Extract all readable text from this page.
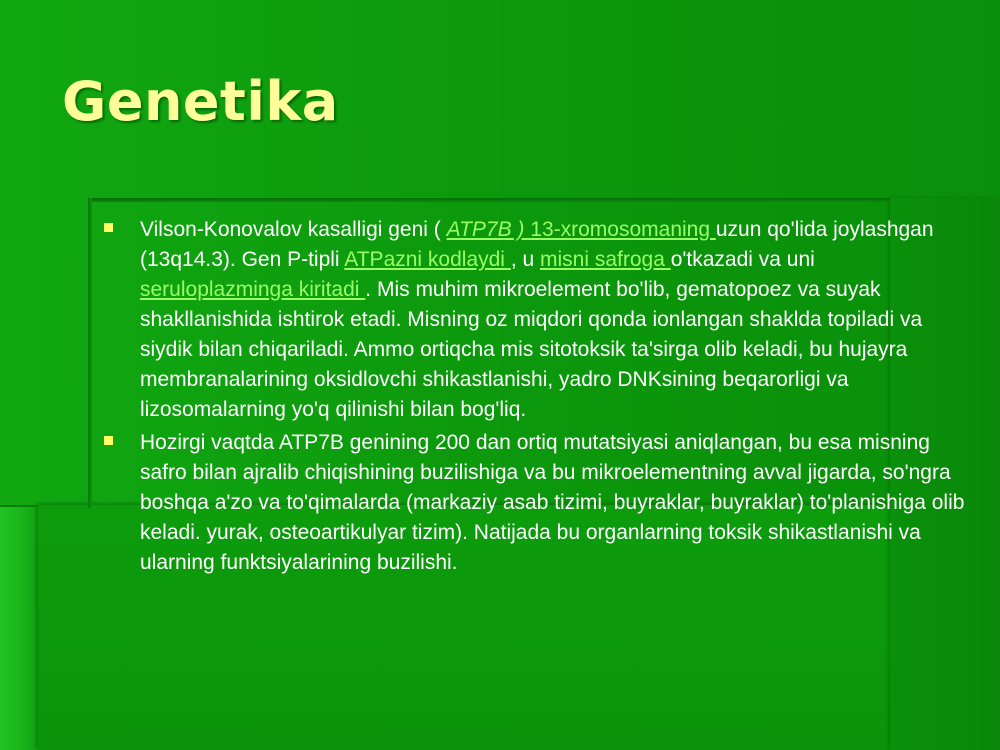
Genetika
Vilson-Konovalov kasalligi geni ( ATP7B ) 13-xromosomaning uzun qo'lida joylashgan (13q14.3). Gen P-tipli ATPazni kodlaydi , u misni safroga o'tkazadi va uni seruloplazminga kiritadi . Mis muhim mikroelement bo'lib, gematopoez va suyak shakllanishida ishtirok etadi. Misning oz miqdori qonda ionlangan shaklda topiladi va siydik bilan chiqariladi. Ammo ortiqcha mis sitotoksik ta'sirga olib keladi, bu hujayra membranalarining oksidlovchi shikastlanishi, yadro DNKsining beqarorligi va lizosomalarning yo'q qilinishi bilan bog'liq.
Hozirgi vaqtda ATP7B genining 200 dan ortiq mutatsiyasi aniqlangan, bu esa misning safro bilan ajralib chiqishining buzilishiga va bu mikroelementning avval jigarda, so'ngra boshqa a'zo va to'qimalarda (markaziy asab tizimi, buyraklar, buyraklar) to'planishiga olib keladi. yurak, osteoartikulyar tizim). Natijada bu organlarning toksik shikastlanishi va ularning funktsiyalarining buzilishi.
